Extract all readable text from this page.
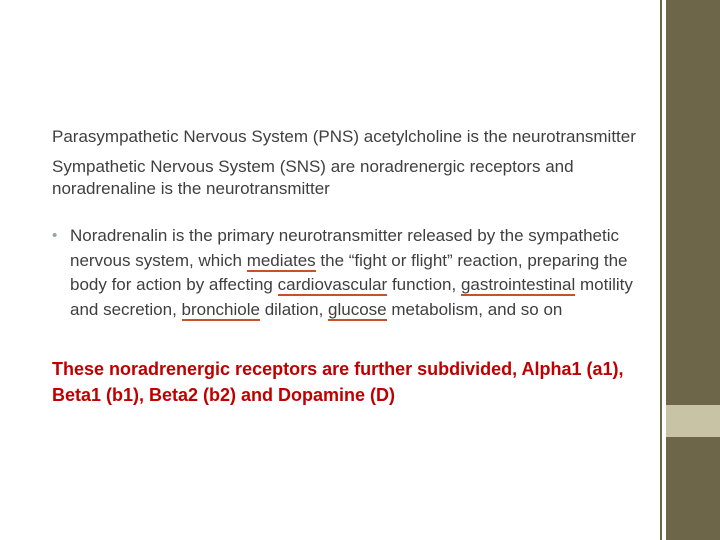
Parasympathetic Nervous System (PNS) acetylcholine is the neurotransmitter

Sympathetic Nervous System (SNS) are noradrenergic receptors and noradrenaline is the neurotransmitter

• Noradrenalin is the primary neurotransmitter released by the sympathetic nervous system, which mediates the “fight or flight” reaction, preparing the body for action by affecting cardiovascular function, gastrointestinal motility and secretion, bronchiole dilation, glucose metabolism, and so on
These noradrenergic receptors are further subdivided, Alpha1 (a1), Beta1 (b1), Beta2 (b2) and Dopamine (D)
